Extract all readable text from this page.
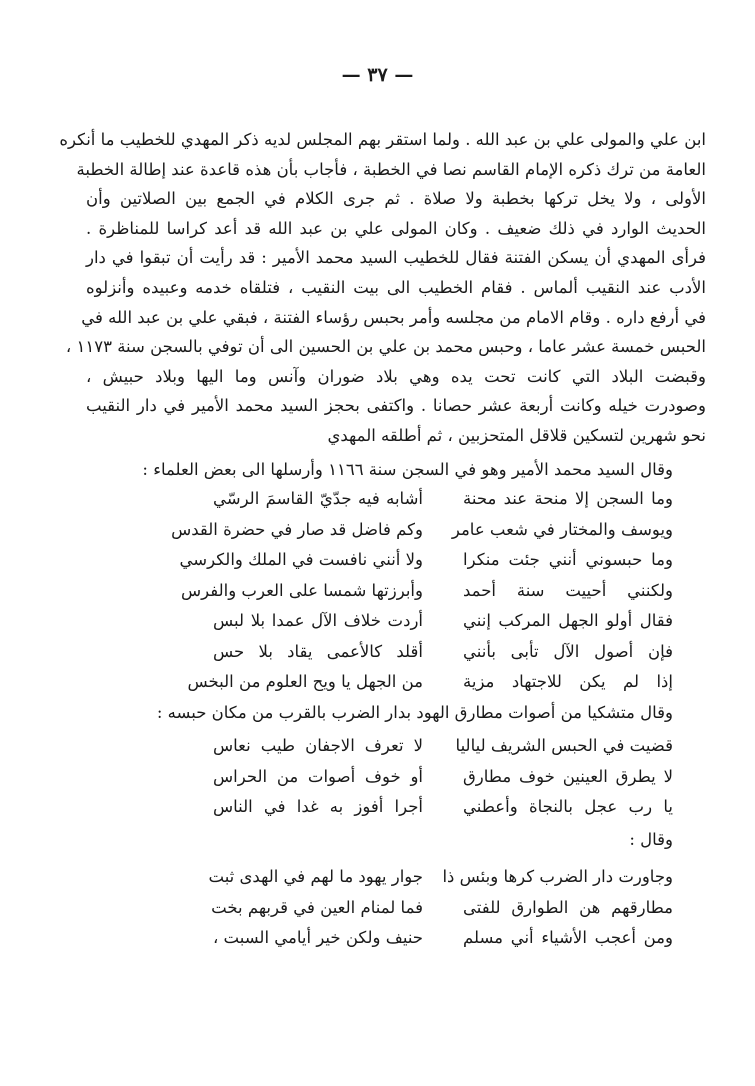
— ٣٧ —
ابن علي والمولى علي بن عبد الله . ولما استقر بهم المجلس لديه ذكر المهدي للخطيب ما أنكره
العامة من ترك ذكره الإمام القاسم نصا في الخطبة ، فأجاب بأن هذه قاعدة عند إطالة الخطبة
الأولى ، ولا يخل تركها بخطبة ولا صلاة . ثم جرى الكلام في الجمع بين الصلاتين وأن
الحديث الوارد في ذلك ضعيف . وكان المولى علي بن عبد الله قد أعد كراسا للمناظرة .
فرأى المهدي أن يسكن الفتنة فقال للخطيب السيد محمد الأمير : قد رأيت أن تبقوا في دار
الأدب عند النقيب ألماس . فقام الخطيب الى بيت النقيب ، فتلقاه خدمه وعبيده وأنزلوه
في أرفع داره . وقام الامام من مجلسه وأمر بحبس رؤساء الفتنة ، فبقي علي بن عبد الله في
الحبس خمسة عشر عاما ، وحبس محمد بن علي بن الحسين الى أن توفي بالسجن سنة ١١٧٣ ،
وقبضت البلاد التي كانت تحت يده وهي بلاد ضوران وآنس وما اليها وبلاد حبيش ،
وصودرت خيله وكانت أربعة عشر حصانا . واكتفى بحجز السيد محمد الأمير في دار النقيب
نحو شهرين لتسكين قلاقل المتحزبين ، ثم أطلقه المهدي
وقال السيد محمد الأمير وهو في السجن سنة ١١٦٦ وأرسلها الى بعض العلماء :
وما السجن إلا منحة عند محنةأشابه فيه جدّيّ القاسمَ الرسّي
ويوسف والمختار في شعب عامروكم فاضل قد صار في حضرة القدس
وما حبسوني أنني جئت منكراولا أنني نافست في الملك والكرسي
ولكنني أحييت سنة أحمدوأبرزتها شمسا على العرب والفرس
فقال أولو الجهل المركب إننيأردت خلاف الآل عمدا بلا لبس
فإن أصول الآل تأبى بأننيأقلد كالأعمى يقاد بلا حس
إذا لم يكن للاجتهاد مزيةمن الجهل يا ويح العلوم من البخس
وقال متشكيا من أصوات مطارق الهود بدار الضرب بالقرب من مكان حبسه :
قضيت في الحبس الشريف لياليالا تعرف الاجفان طيب نعاس
لا يطرق العينين خوف مطارقأو خوف أصوات من الحراس
يا رب عجل بالنجاة وأعطنيأجرا أفوز به غدا في الناس
وقال :
وجاورت دار الضرب كرها وبئس ذاجوار يهود ما لهم في الهدى ثبت
مطارقهم هن الطوارق للفتىفما لمنام العين في قربهم بخت
ومن أعجب الأشياء أني مسلمحنيف ولكن خير أيامي السبت ،
